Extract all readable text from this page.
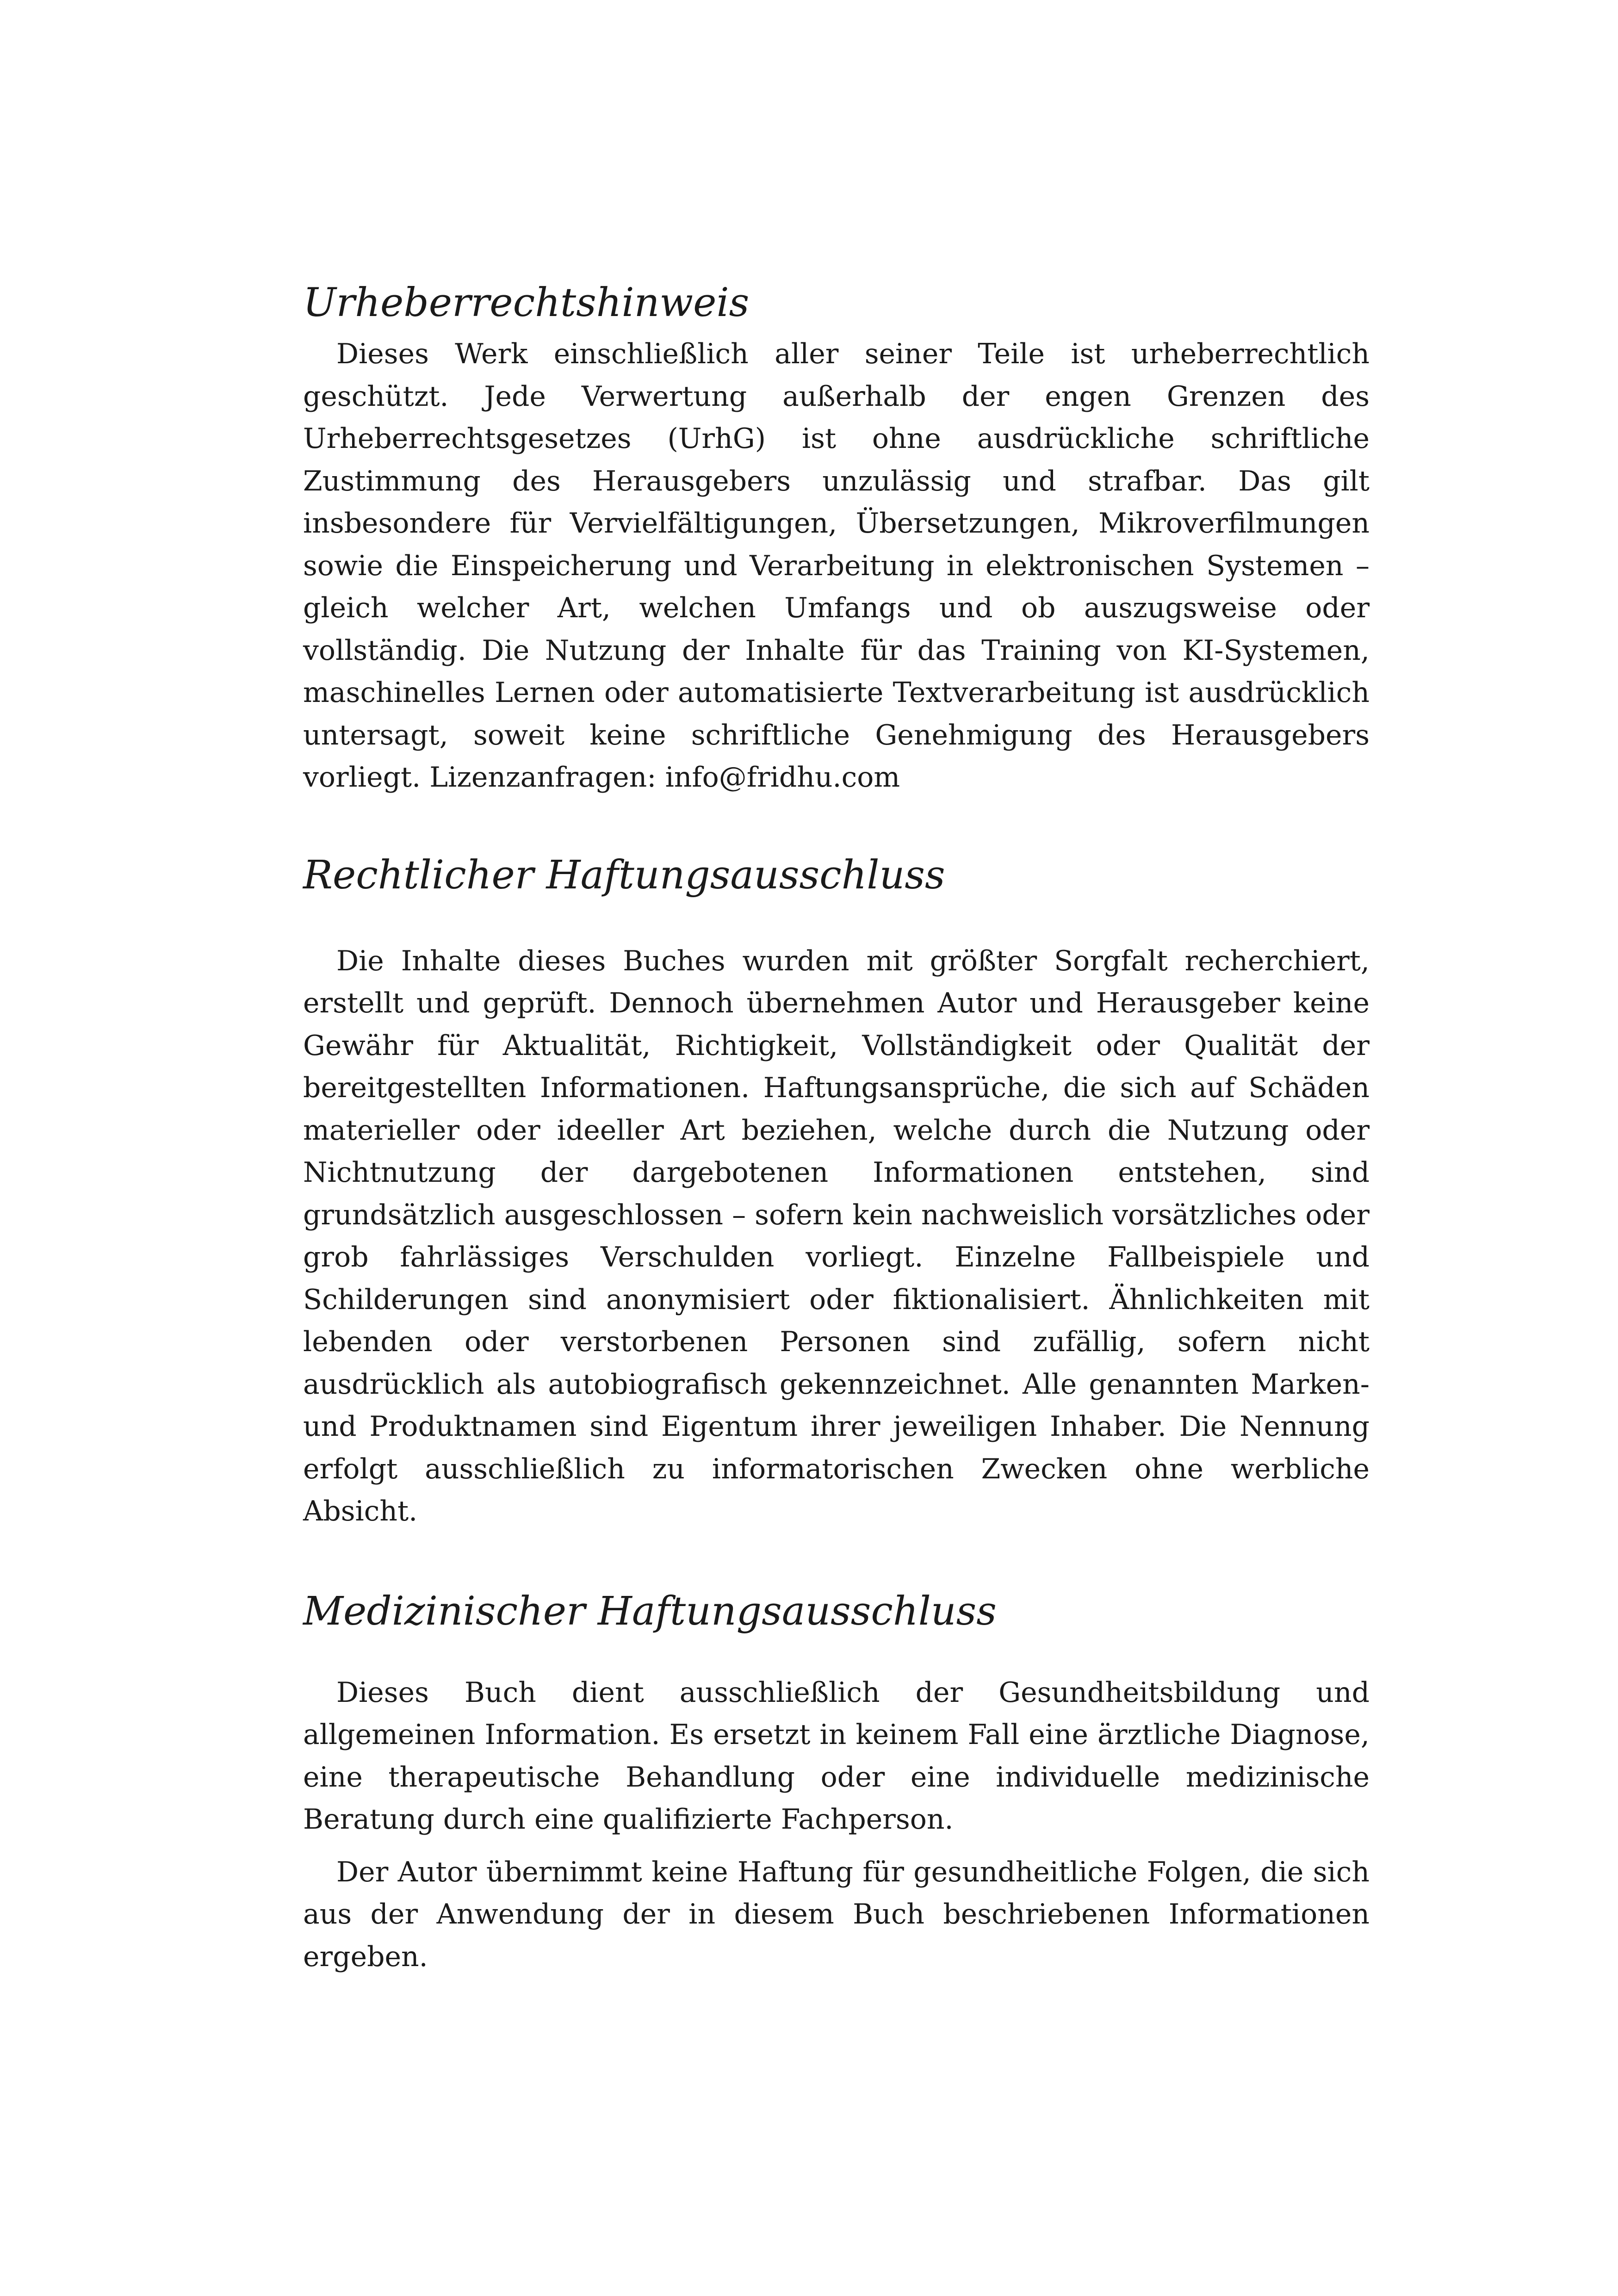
Urheberrechtshinweis

Dieses Werk einschließlich aller seiner Teile ist urheberrechtlich geschützt. Jede Verwertung außerhalb der engen Grenzen des Urheberrechtsgesetzes (UrhG) ist ohne ausdrückliche schriftliche Zustimmung des Herausgebers unzulässig und strafbar. Das gilt insbesondere für Vervielfältigungen, Übersetzungen, Mikroverfilmungen sowie die Einspeicherung und Verarbeitung in elektronischen Systemen – gleich welcher Art, welchen Umfangs und ob auszugsweise oder vollständig. Die Nutzung der Inhalte für das Training von KI-Systemen, maschinelles Lernen oder automatisierte Textverarbeitung ist ausdrücklich untersagt, soweit keine schriftliche Genehmigung des Herausgebers vorliegt. Lizenzanfragen: info@fridhu.com

Rechtlicher Haftungsausschluss

Die Inhalte dieses Buches wurden mit größter Sorgfalt recherchiert, erstellt und geprüft. Dennoch übernehmen Autor und Herausgeber keine Gewähr für Aktualität, Richtigkeit, Vollständigkeit oder Qualität der bereitgestellten Informationen. Haftungsansprüche, die sich auf Schäden materieller oder ideeller Art beziehen, welche durch die Nutzung oder Nichtnutzung der dargebotenen Informationen entstehen, sind grundsätzlich ausgeschlossen – sofern kein nachweislich vorsätzliches oder grob fahrlässiges Verschulden vorliegt. Einzelne Fallbeispiele und Schilderungen sind anonymisiert oder fiktionalisiert. Ähnlichkeiten mit lebenden oder verstorbenen Personen sind zufällig, sofern nicht ausdrücklich als autobiografisch gekennzeichnet. Alle genannten Marken- und Produktnamen sind Eigentum ihrer jeweiligen Inhaber. Die Nennung erfolgt ausschließlich zu informatorischen Zwecken ohne werbliche Absicht.

Medizinischer Haftungsausschluss

Dieses Buch dient ausschließlich der Gesundheitsbildung und allgemeinen Information. Es ersetzt in keinem Fall eine ärztliche Diagnose, eine therapeutische Behandlung oder eine individuelle medizinische Beratung durch eine qualifizierte Fachperson.

Der Autor übernimmt keine Haftung für gesundheitliche Folgen, die sich aus der Anwendung der in diesem Buch beschriebenen Informationen ergeben.
